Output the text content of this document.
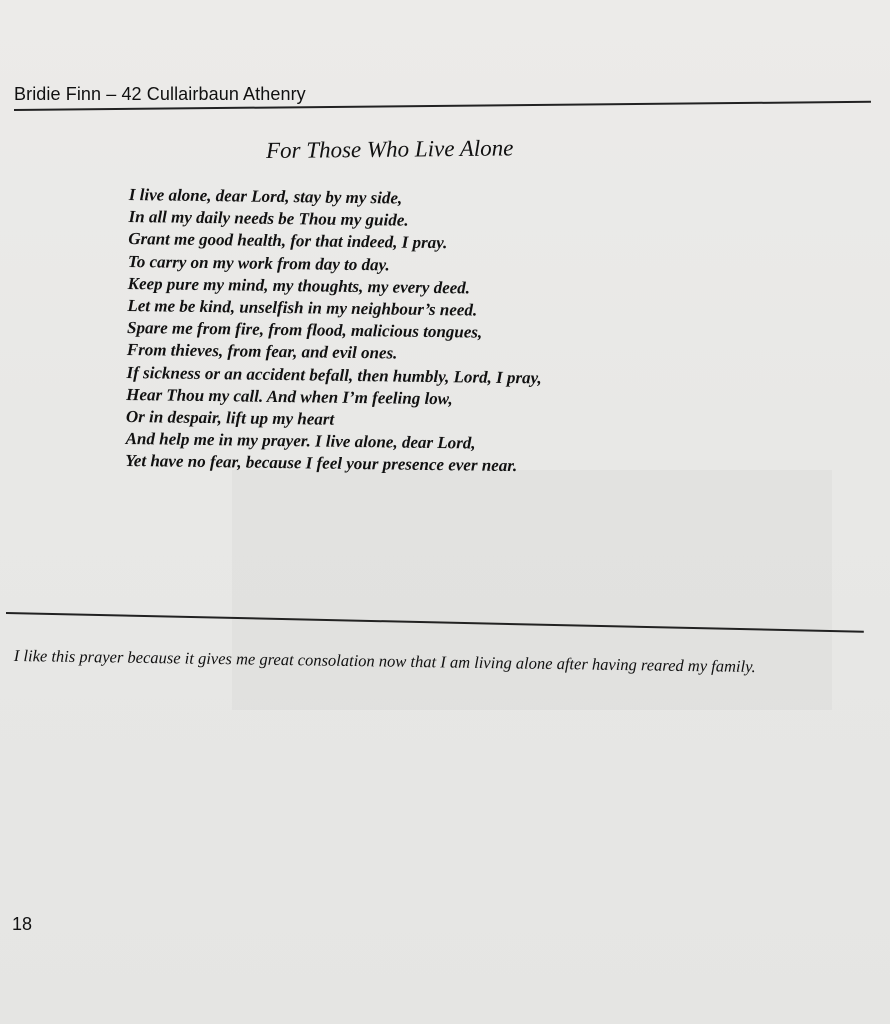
Bridie Finn – 42 Cullairbaun Athenry
For Those Who Live Alone
I live alone, dear Lord, stay by my side,
In all my daily needs be Thou my guide.
Grant me good health, for that indeed, I pray.
To carry on my work from day to day.
Keep pure my mind, my thoughts, my every deed.
Let me be kind, unselfish in my neighbour’s need.
Spare me from fire, from flood, malicious tongues,
From thieves, from fear, and evil ones.
If sickness or an accident befall, then humbly, Lord, I pray,
Hear Thou my call. And when I’m feeling low,
Or in despair, lift up my heart
And help me in my prayer. I live alone, dear Lord,
Yet have no fear, because I feel your presence ever near.
I like this prayer because it gives me great consolation now that I am living alone after having reared my family.
18
